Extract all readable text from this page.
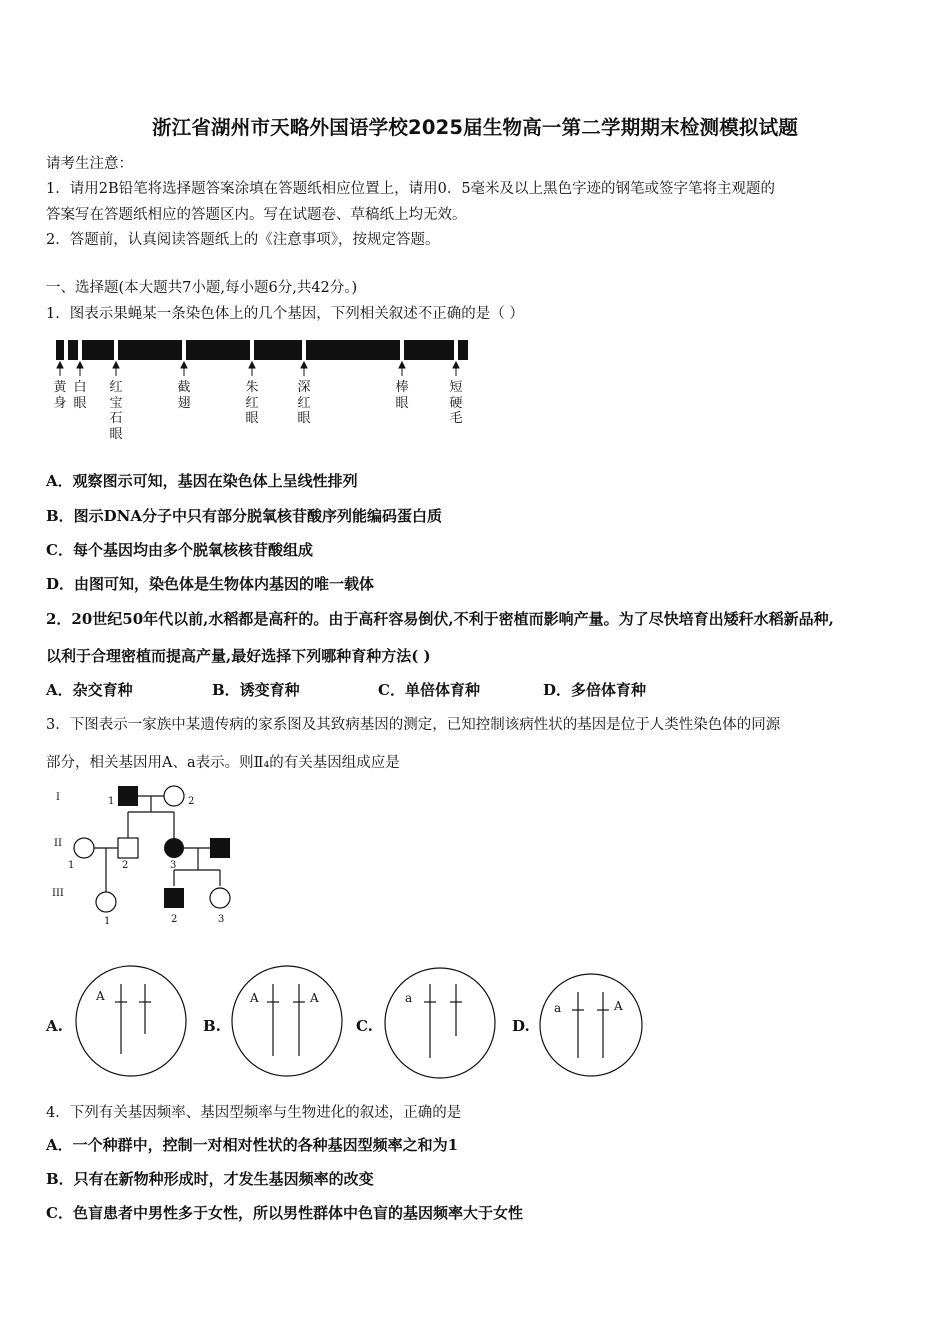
浙江省湖州市天略外国语学校2025届生物高一第二学期期末检测模拟试题
请考生注意：
1．请用2B铅笔将选择题答案涂填在答题纸相应位置上，请用0．5毫米及以上黑色字迹的钢笔或签字笔将主观题的
答案写在答题纸相应的答题区内。写在试题卷、草稿纸上均无效。
2．答题前，认真阅读答题纸上的《注意事项》，按规定答题。
一、选择题(本大题共7小题,每小题6分,共42分。)
1．图表示果蝇某一条染色体上的几个基因，下列相关叙述不正确的是（ ）
黄身
白眼
红宝石眼
截翅
朱红眼
深红眼
棒眼
短硬毛
A．观察图示可知，基因在染色体上呈线性排列
B．图示DNA分子中只有部分脱氧核苷酸序列能编码蛋白质
C．每个基因均由多个脱氧核核苷酸组成
D．由图可知，染色体是生物体内基因的唯一载体
2．20世纪50年代以前,水稻都是高秆的。由于高秆容易倒伏,不利于密植而影响产量。为了尽快培育出矮秆水稻新品种,
以利于合理密植而提高产量,最好选择下列哪种育种方法( )
A．杂交育种	B．诱变育种	C．单倍体育种	D．多倍体育种
3．下图表示一家族中某遗传病的家系图及其致病基因的测定，已知控制该病性状的基因是位于人类性染色体的同源
部分，相关基因用A、a表示。则Ⅱ₄的有关基因组成应是
I
II
III
1	2
1	2	3
4
1	2	3
A.
A
B.
A	A
C.
a
D.
a	A
4．下列有关基因频率、基因型频率与生物进化的叙述，正确的是
A．一个种群中，控制一对相对性状的各种基因型频率之和为1
B．只有在新物种形成时，才发生基因频率的改变
C．色盲患者中男性多于女性，所以男性群体中色盲的基因频率大于女性
